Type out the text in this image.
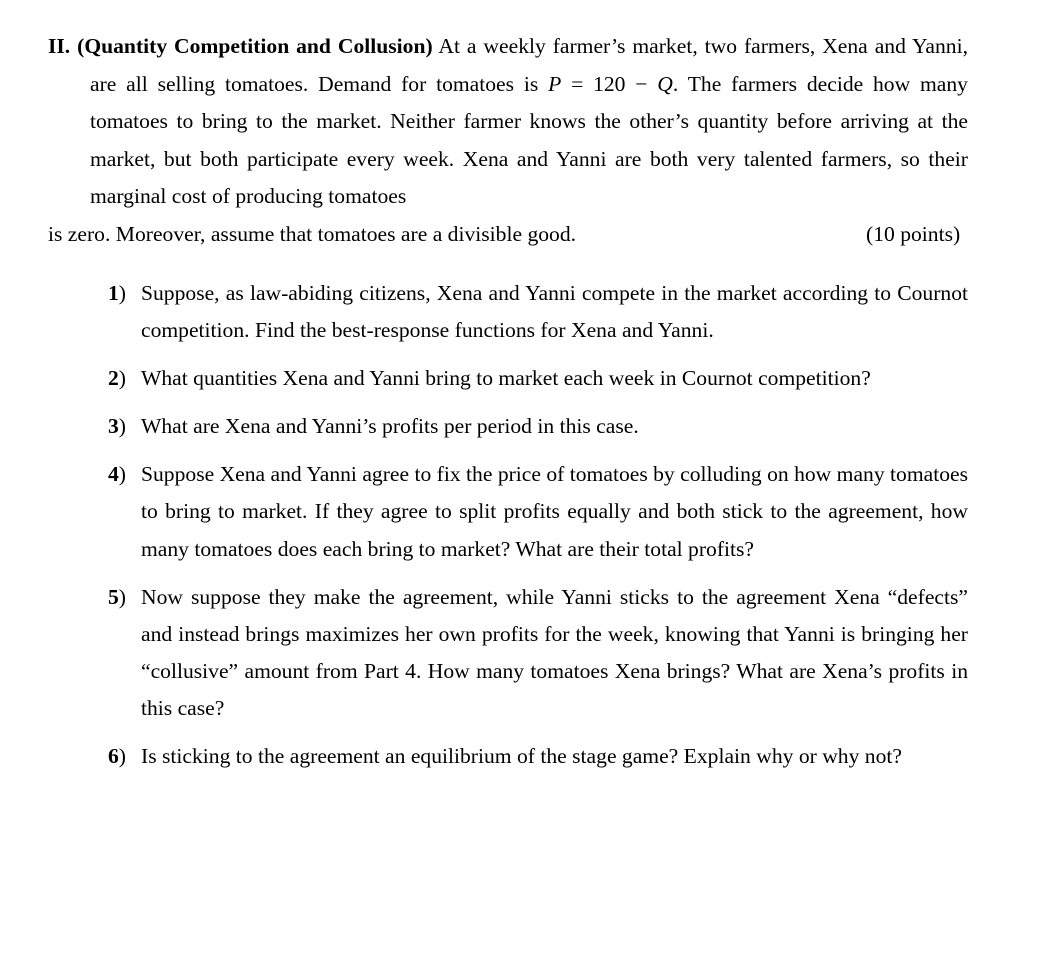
II. (Quantity Competition and Collusion) At a weekly farmer’s market, two farmers, Xena and Yanni, are all selling tomatoes. Demand for tomatoes is P = 120 − Q. The farmers decide how many tomatoes to bring to the market. Neither farmer knows the other’s quantity before arriving at the market, but both participate every week. Xena and Yanni are both very talented farmers, so their marginal cost of producing tomatoes
is zero. Moreover, assume that tomatoes are a divisible good.	(10 points)

1) Suppose, as law-abiding citizens, Xena and Yanni compete in the market according to Cournot competition. Find the best-response functions for Xena and Yanni.
2) What quantities Xena and Yanni bring to market each week in Cournot competition?
3) What are Xena and Yanni’s profits per period in this case.
4) Suppose Xena and Yanni agree to fix the price of tomatoes by colluding on how many tomatoes to bring to market. If they agree to split profits equally and both stick to the agreement, how many tomatoes does each bring to market? What are their total profits?
5) Now suppose they make the agreement, while Yanni sticks to the agreement Xena “defects” and instead brings maximizes her own profits for the week, knowing that Yanni is bringing her “collusive” amount from Part 4. How many tomatoes Xena brings? What are Xena’s profits in this case?
6) Is sticking to the agreement an equilibrium of the stage game? Explain why or why not?
